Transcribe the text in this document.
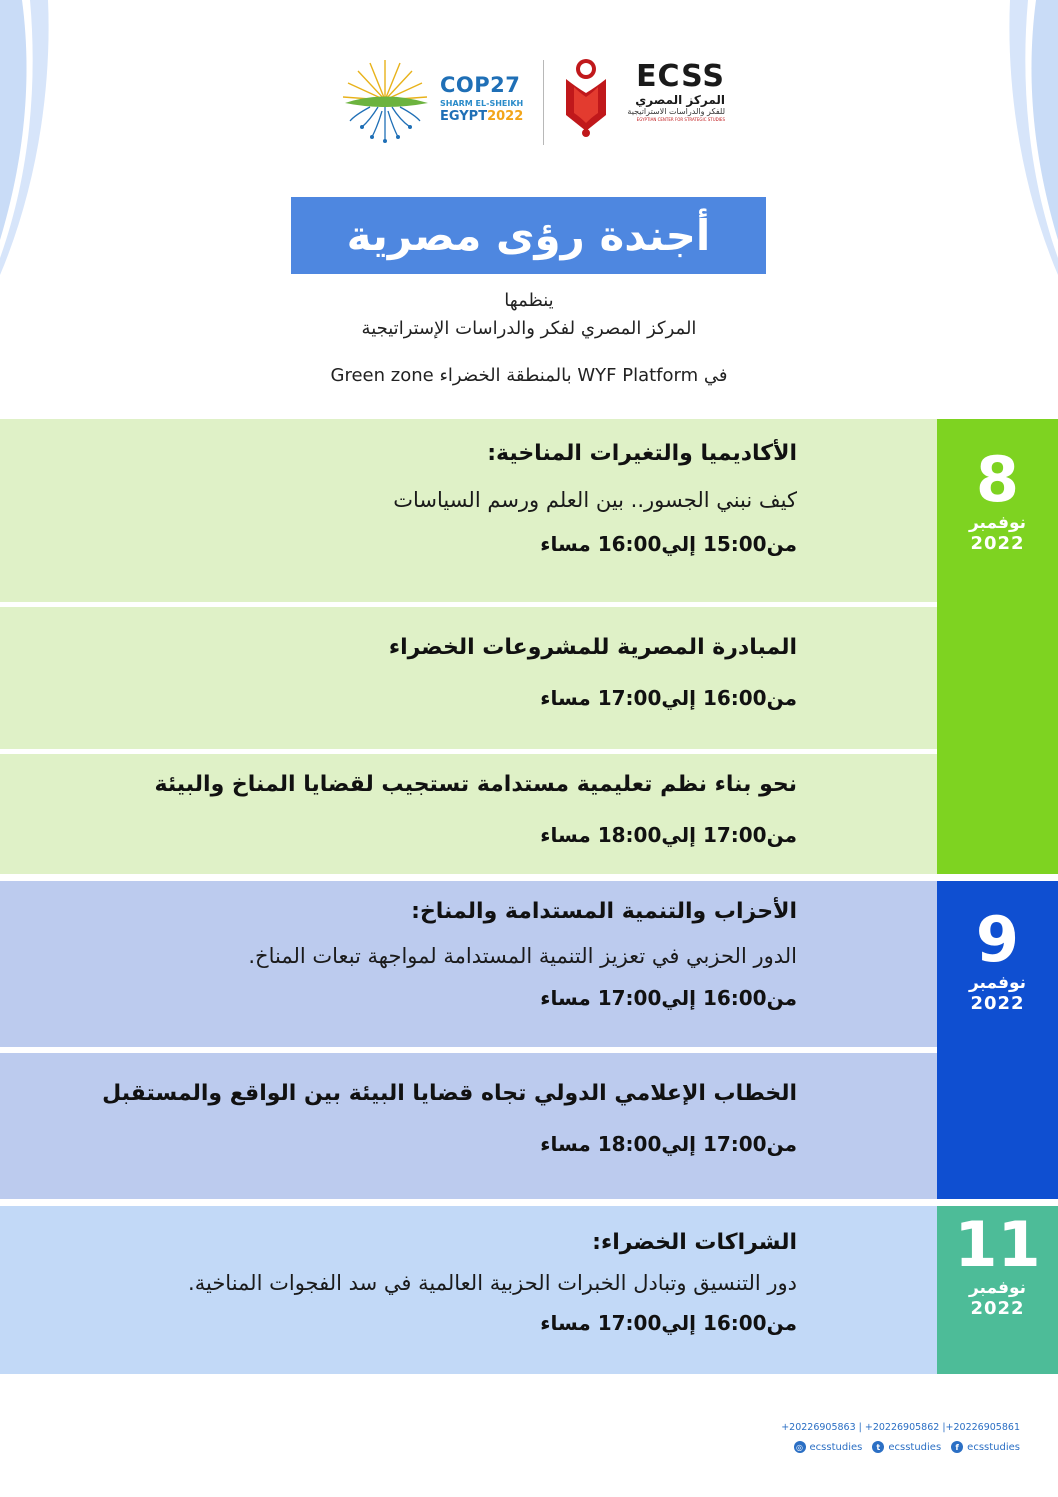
COP27
SHARM EL-SHEIKH
EGYPT2022
ECSS
المركز المصري
للفكر والدراسات الاستراتيجية
EGYPTIAN CENTER FOR STRATEGIC STUDIES
أجندة رؤى مصرية
ينظمها
المركز المصري لفكر والدراسات الإستراتيجية
في WYF Platform بالمنطقة الخضراء Green zone
الأكاديميا والتغيرات المناخية:
كيف نبني الجسور.. بين العلم ورسم السياسات
من15:00 إلي16:00 مساء
المبادرة المصرية للمشروعات الخضراء
من16:00 إلي17:00 مساء
نحو بناء نظم تعليمية مستدامة تستجيب لقضايا المناخ والبيئة
من17:00 إلي18:00 مساء
8
نوفمبر
2022
الأحزاب والتنمية المستدامة والمناخ:
الدور الحزبي في تعزيز التنمية المستدامة لمواجهة تبعات المناخ.
من16:00 إلي17:00 مساء
الخطاب الإعلامي الدولي تجاه قضايا البيئة بين الواقع والمستقبل
من17:00 إلي18:00 مساء
9
نوفمبر
2022
الشراكات الخضراء:
دور التنسيق وتبادل الخبرات الحزبية العالمية في سد الفجوات المناخية.
من16:00 إلي17:00 مساء
11
نوفمبر
2022
+20226905863 | +20226905862 |+20226905861
◎ ecsstudies	t ecsstudies	f ecsstudies
